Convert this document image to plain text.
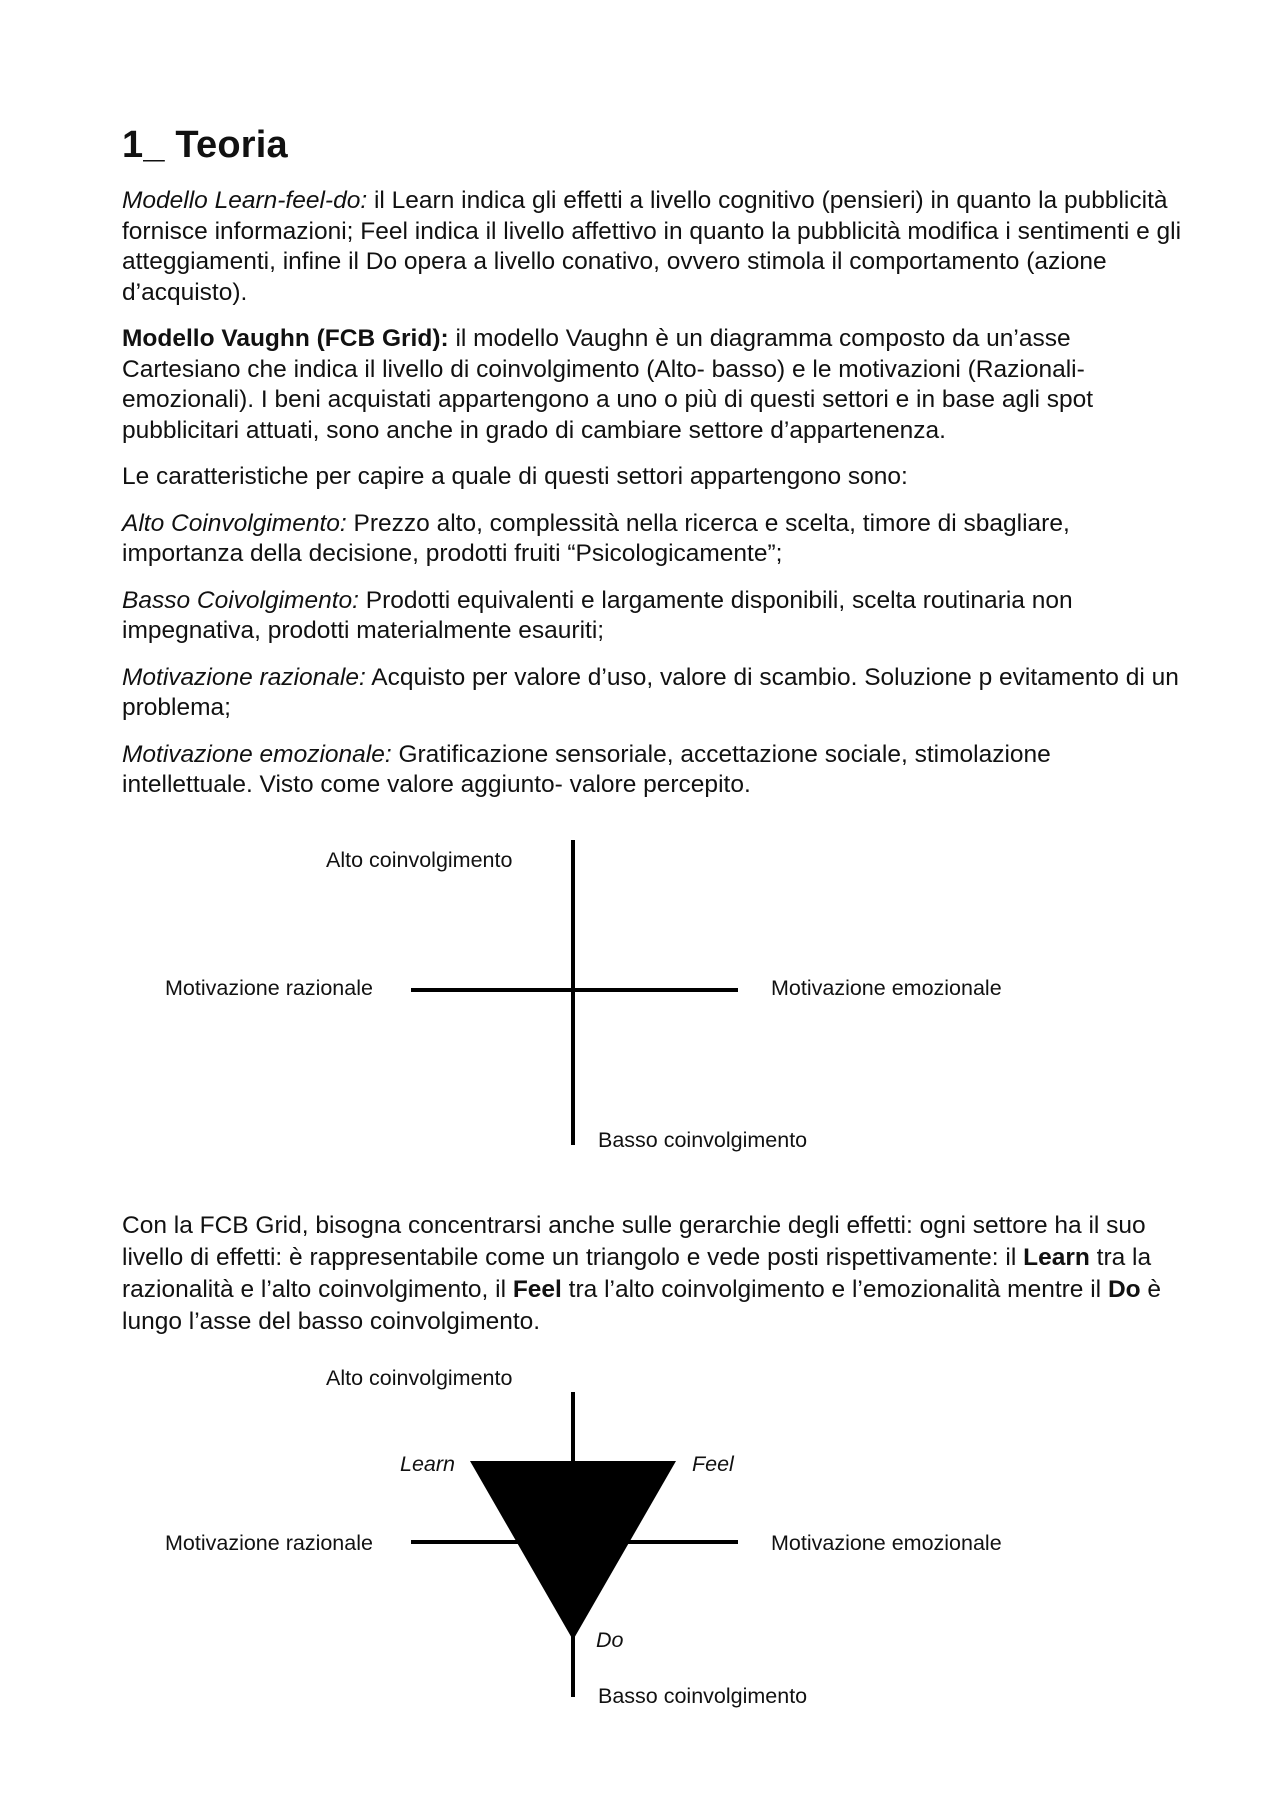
1_ Teoria

Modello Learn-feel-do: il Learn indica gli effetti a livello cognitivo (pensieri) in quanto la pubblicità fornisce informazioni; Feel indica il livello affettivo in quanto la pubblicità modifica i sentimenti e gli atteggiamenti, infine il Do opera a livello conativo, ovvero stimola il comportamento (azione d’acquisto).

Modello Vaughn (FCB Grid): il modello Vaughn è un diagramma composto da un’asse Cartesiano che indica il livello di coinvolgimento (Alto- basso) e le motivazioni (Razionali-emozionali). I beni acquistati appartengono a uno o più di questi settori e in base agli spot pubblicitari attuati, sono anche in grado di cambiare settore d’appartenenza.

Le caratteristiche per capire a quale di questi settori appartengono sono:

Alto Coinvolgimento: Prezzo alto, complessità nella ricerca e scelta, timore di sbagliare, importanza della decisione, prodotti fruiti “Psicologicamente”;

Basso Coivolgimento: Prodotti equivalenti e largamente disponibili, scelta routinaria non impegnativa, prodotti materialmente esauriti;

Motivazione razionale: Acquisto per valore d’uso, valore di scambio. Soluzione p evitamento di un problema;

Motivazione emozionale: Gratificazione sensoriale, accettazione sociale, stimolazione intellettuale. Visto come valore aggiunto- valore percepito.

Alto coinvolgimento
Motivazione razionale	Motivazione emozionale
Basso coinvolgimento

Con la FCB Grid, bisogna concentrarsi anche sulle gerarchie degli effetti: ogni settore ha il suo livello di effetti: è rappresentabile come un triangolo e vede posti rispettivamente: il Learn tra la razionalità e l’alto coinvolgimento, il Feel tra l’alto coinvolgimento e l’emozionalità mentre il Do è lungo l’asse del basso coinvolgimento.

Alto coinvolgimento
Learn	Feel
Motivazione razionale	Motivazione emozionale
Do
Basso coinvolgimento
